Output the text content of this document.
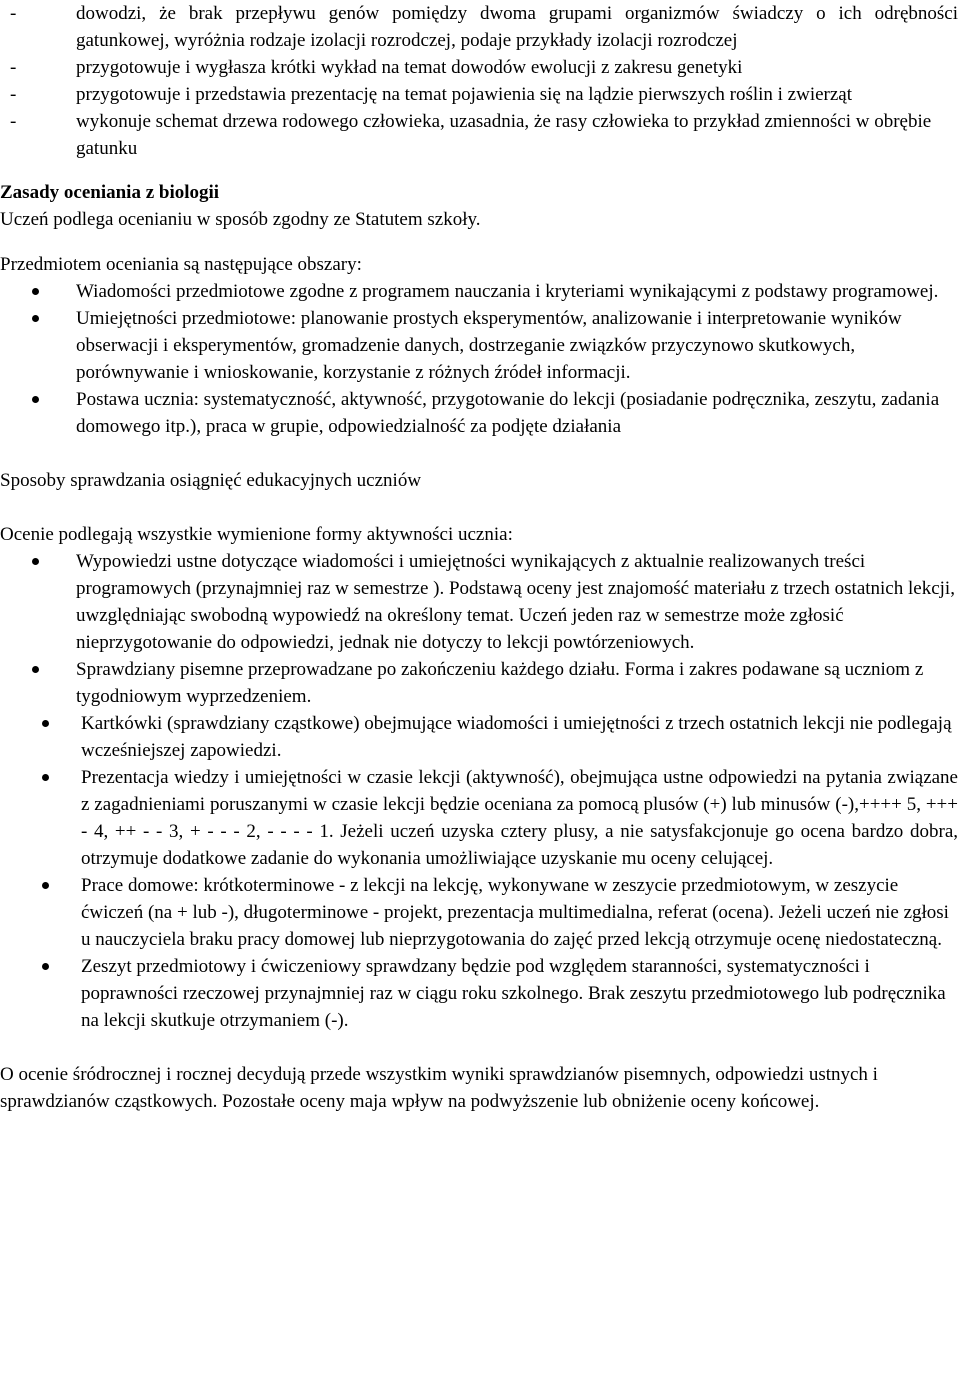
- dowodzi, że brak przepływu genów pomiędzy dwoma grupami organizmów świadczy o ich odrębności gatunkowej, wyróżnia rodzaje izolacji rozrodczej, podaje przykłady izolacji rozrodczej
- przygotowuje i wygłasza krótki wykład na temat dowodów ewolucji z zakresu genetyki
- przygotowuje i przedstawia prezentację na temat pojawienia się na lądzie pierwszych roślin i zwierząt
- wykonuje schemat drzewa rodowego człowieka, uzasadnia, że rasy człowieka to przykład zmienności w obrębie gatunku

Zasady oceniania z biologii

Uczeń podlega ocenianiu w sposób zgodny ze Statutem szkoły.

Przedmiotem oceniania są następujące obszary:

Wiadomości przedmiotowe zgodne z programem nauczania i kryteriami wynikającymi z podstawy programowej.
Umiejętności przedmiotowe: planowanie prostych eksperymentów, analizowanie i interpretowanie wyników obserwacji i eksperymentów, gromadzenie danych, dostrzeganie związków przyczynowo skutkowych, porównywanie i wnioskowanie, korzystanie z różnych źródeł informacji.
Postawa ucznia: systematyczność, aktywność, przygotowanie do lekcji (posiadanie podręcznika, zeszytu, zadania domowego itp.), praca w grupie, odpowiedzialność za podjęte działania

Sposoby sprawdzania osiągnięć edukacyjnych uczniów

Ocenie podlegają wszystkie wymienione formy aktywności ucznia:

Wypowiedzi ustne dotyczące wiadomości i umiejętności wynikających z aktualnie realizowanych treści programowych (przynajmniej raz w semestrze ). Podstawą oceny jest znajomość materiału z trzech ostatnich lekcji, uwzględniając swobodną wypowiedź na określony temat. Uczeń jeden raz w semestrze może zgłosić nieprzygotowanie do odpowiedzi, jednak nie dotyczy to lekcji powtórzeniowych.
Sprawdziany pisemne przeprowadzane po zakończeniu każdego działu. Forma i zakres podawane są uczniom z tygodniowym wyprzedzeniem.
Kartkówki (sprawdziany cząstkowe) obejmujące wiadomości i umiejętności z trzech ostatnich lekcji nie podlegają wcześniejszej zapowiedzi.
Prezentacja wiedzy i umiejętności w czasie lekcji (aktywność), obejmująca ustne odpowiedzi na pytania związane z zagadnieniami poruszanymi w czasie lekcji będzie oceniana za pomocą plusów (+) lub minusów (-),++++ 5, +++ - 4, ++ - - 3, + - - - 2, - - - - 1. Jeżeli uczeń uzyska cztery plusy, a nie satysfakcjonuje go ocena bardzo dobra, otrzymuje dodatkowe zadanie do wykonania umożliwiające uzyskanie mu oceny celującej.
Prace domowe: krótkoterminowe - z lekcji na lekcję, wykonywane w zeszycie przedmiotowym, w zeszycie ćwiczeń (na + lub -), długoterminowe - projekt, prezentacja multimedialna, referat (ocena). Jeżeli uczeń nie zgłosi u nauczyciela braku pracy domowej lub nieprzygotowania do zajęć przed lekcją otrzymuje ocenę niedostateczną.
Zeszyt przedmiotowy i ćwiczeniowy sprawdzany będzie pod względem staranności, systematyczności i poprawności rzeczowej przynajmniej raz w ciągu roku szkolnego. Brak zeszytu przedmiotowego lub podręcznika na lekcji skutkuje otrzymaniem (-).

O ocenie śródrocznej i rocznej decydują przede wszystkim wyniki sprawdzianów pisemnych, odpowiedzi ustnych i sprawdzianów cząstkowych. Pozostałe oceny maja wpływ na podwyższenie lub obniżenie oceny końcowej.
